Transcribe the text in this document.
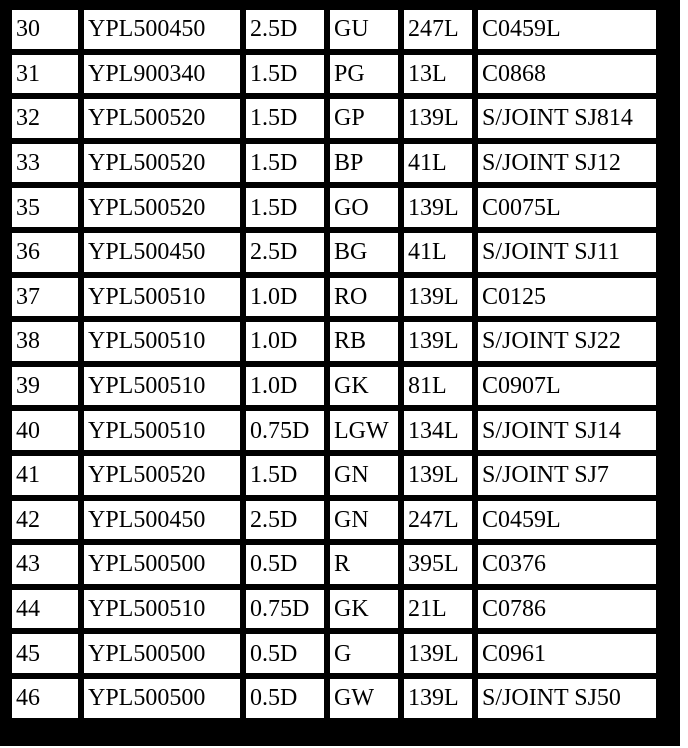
30	YPL500450	2.5D	GU	247L	C0459L
31	YPL900340	1.5D	PG	13L	C0868
32	YPL500520	1.5D	GP	139L	S/JOINT SJ814
33	YPL500520	1.5D	BP	41L	S/JOINT SJ12
35	YPL500520	1.5D	GO	139L	C0075L
36	YPL500450	2.5D	BG	41L	S/JOINT SJ11
37	YPL500510	1.0D	RO	139L	C0125
38	YPL500510	1.0D	RB	139L	S/JOINT SJ22
39	YPL500510	1.0D	GK	81L	C0907L
40	YPL500510	0.75D	LGW	134L	S/JOINT SJ14
41	YPL500520	1.5D	GN	139L	S/JOINT SJ7
42	YPL500450	2.5D	GN	247L	C0459L
43	YPL500500	0.5D	R	395L	C0376
44	YPL500510	0.75D	GK	21L	C0786
45	YPL500500	0.5D	G	139L	C0961
46	YPL500500	0.5D	GW	139L	S/JOINT SJ50
